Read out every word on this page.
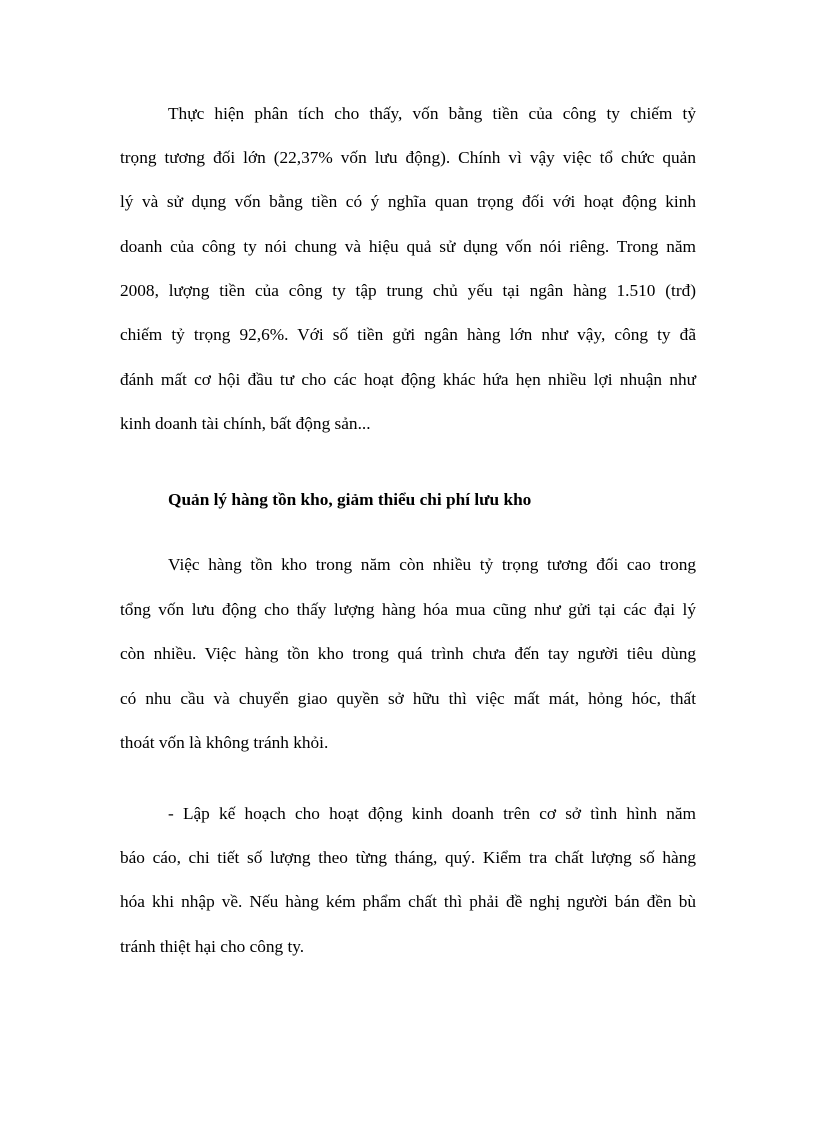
Thực hiện phân tích cho thấy, vốn bằng tiền của công ty chiếm tỷ
trọng tương đối lớn (22,37% vốn lưu động). Chính vì vậy việc tổ chức quản
lý và sử dụng vốn bằng tiền có ý nghĩa quan trọng đối với hoạt động kinh
doanh của công ty nói chung và hiệu quả sử dụng vốn nói riêng. Trong năm
2008, lượng tiền của công ty tập trung chủ yếu tại ngân hàng 1.510 (trđ)
chiếm tỷ trọng 92,6%. Với số tiền gửi ngân hàng lớn như vậy, công ty đã
đánh mất cơ hội đầu tư cho các hoạt động khác hứa hẹn nhiều lợi nhuận như
kinh doanh tài chính, bất động sản...
Quản lý hàng tồn kho, giảm thiểu chi phí lưu kho
Việc hàng tồn kho trong năm còn nhiều tỷ trọng tương đối cao trong
tổng vốn lưu động cho thấy lượng hàng hóa mua cũng như gửi tại các đại lý
còn nhiều. Việc hàng tồn kho trong quá trình chưa đến tay người tiêu dùng
có nhu cầu và chuyển giao quyền sở hữu thì việc mất mát, hỏng hóc, thất
thoát vốn là không tránh khỏi.
- Lập kế hoạch cho hoạt động kinh doanh trên cơ sở tình hình năm
báo cáo, chi tiết số lượng theo từng tháng, quý. Kiểm tra chất lượng số hàng
hóa khi nhập về. Nếu hàng kém phẩm chất thì phải đề nghị người bán đền bù
tránh thiệt hại cho công ty.
